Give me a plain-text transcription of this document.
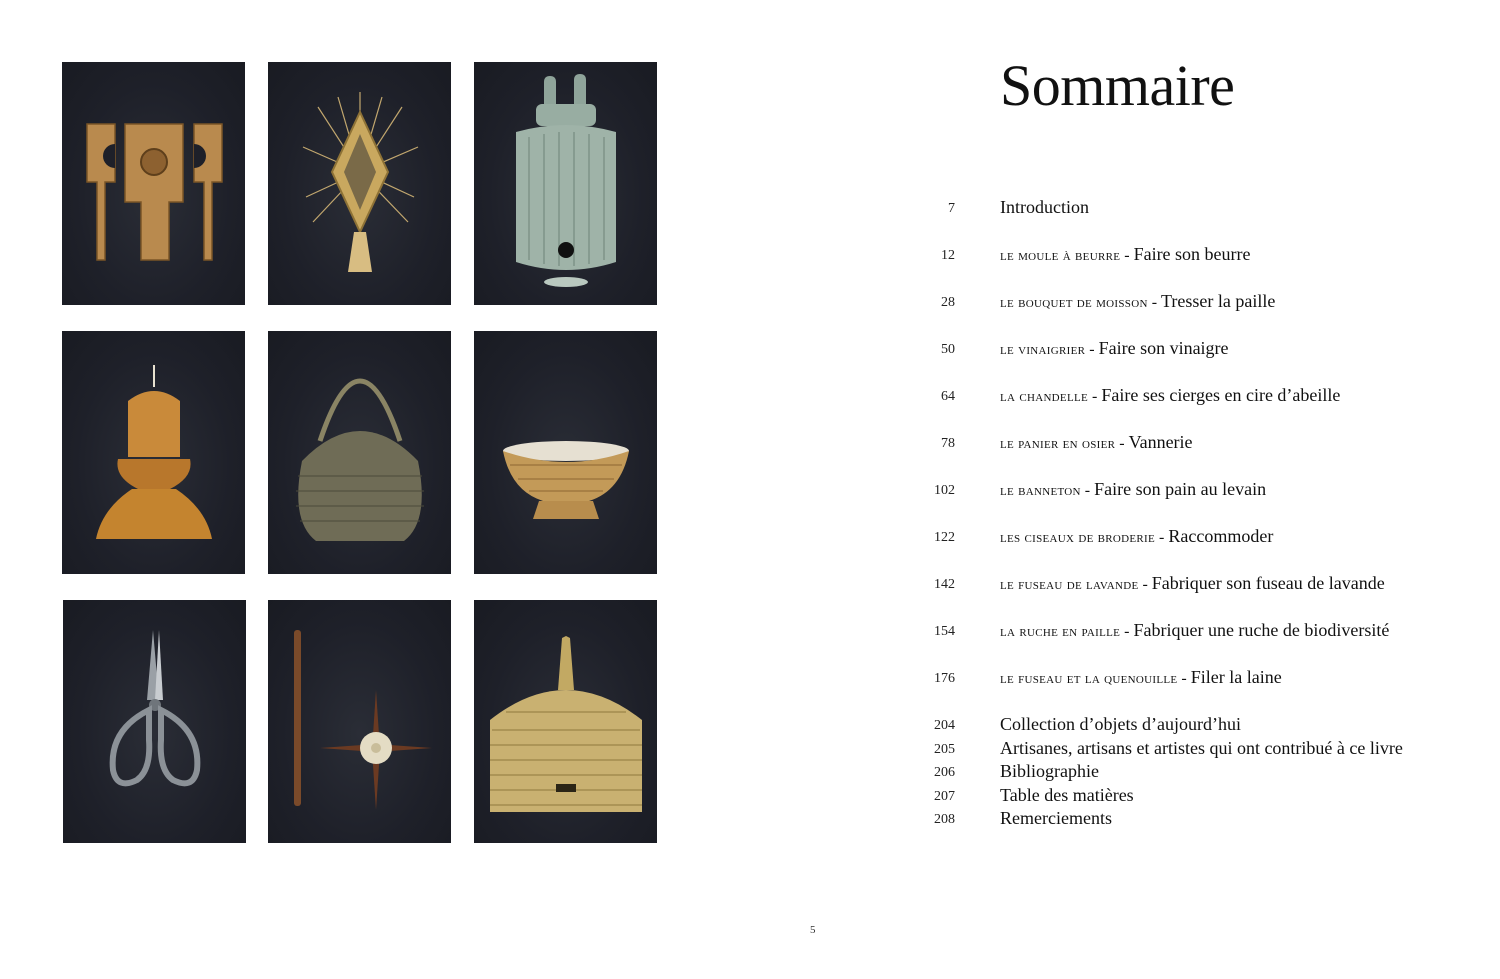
Sommaire
7	Introduction
12	le moule à beurre - Faire son beurre
28	le bouquet de moisson - Tresser la paille
50	le vinaigrier - Faire son vinaigre
64	la chandelle - Faire ses cierges en cire d’abeille
78	le panier en osier - Vannerie
102	le banneton - Faire son pain au levain
122	les ciseaux de broderie - Raccommoder
142	le fuseau de lavande - Fabriquer son fuseau de lavande
154	la ruche en paille - Fabriquer une ruche de biodiversité
176	le fuseau et la quenouille - Filer la laine
204	Collection d’objets d’aujourd’hui
205	Artisanes, artisans et artistes qui ont contribué à ce livre
206	Bibliographie
207	Table des matières
208	Remerciements
5
